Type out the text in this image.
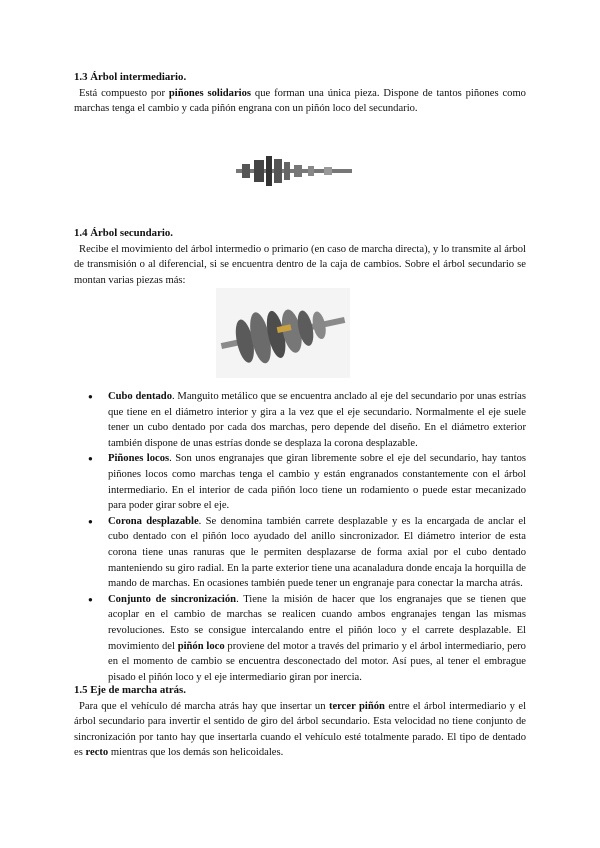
1.3 Árbol intermediario.

Está compuesto por piñones solidarios que forman una única pieza. Dispone de tantos piñones como marchas tenga el cambio y cada piñón engrana con un piñón loco del secundario.

1.4 Árbol secundario.

Recibe el movimiento del árbol intermedio o primario (en caso de marcha directa), y lo transmite al árbol de transmisión o al diferencial, si se encuentra dentro de la caja de cambios. Sobre el árbol secundario se montan varias piezas más:

● Cubo dentado. Manguito metálico que se encuentra anclado al eje del secundario por unas estrías que tiene en el diámetro interior y gira a la vez que el eje secundario. Normalmente el eje suele tener un cubo dentado por cada dos marchas, pero depende del diseño. En el diámetro exterior también dispone de unas estrías donde se desplaza la corona desplazable.
● Piñones locos. Son unos engranajes que giran libremente sobre el eje del secundario, hay tantos piñones locos como marchas tenga el cambio y están engranados constantemente con el árbol intermediario. En el interior de cada piñón loco tiene un rodamiento o puede estar mecanizado para poder girar sobre el eje.
● Corona desplazable. Se denomina también carrete desplazable y es la encargada de anclar el cubo dentado con el piñón loco ayudado del anillo sincronizador. El diámetro interior de esta corona tiene unas ranuras que le permiten desplazarse de forma axial por el cubo dentado manteniendo su giro radial. En la parte exterior tiene una acanaladura donde encaja la horquilla de mando de marchas. En ocasiones también puede tener un engranaje para conectar la marcha atrás.
● Conjunto de sincronización. Tiene la misión de hacer que los engranajes que se tienen que acoplar en el cambio de marchas se realicen cuando ambos engranajes tengan las mismas revoluciones. Esto se consigue intercalando entre el piñón loco y el carrete desplazable. El movimiento del piñón loco proviene del motor a través del primario y el árbol intermediario, pero en el momento de cambio se encuentra desconectado del motor. Así pues, al tener el embrague pisado el piñón loco y el eje intermediario giran por inercia.
1.5 Eje de marcha atrás.

Para que el vehículo dé marcha atrás hay que insertar un tercer piñón entre el árbol intermediario y el árbol secundario para invertir el sentido de giro del árbol secundario. Esta velocidad no tiene conjunto de sincronización por tanto hay que insertarla cuando el vehículo esté totalmente parado. El tipo de dentado es recto mientras que los demás son helicoidales.
